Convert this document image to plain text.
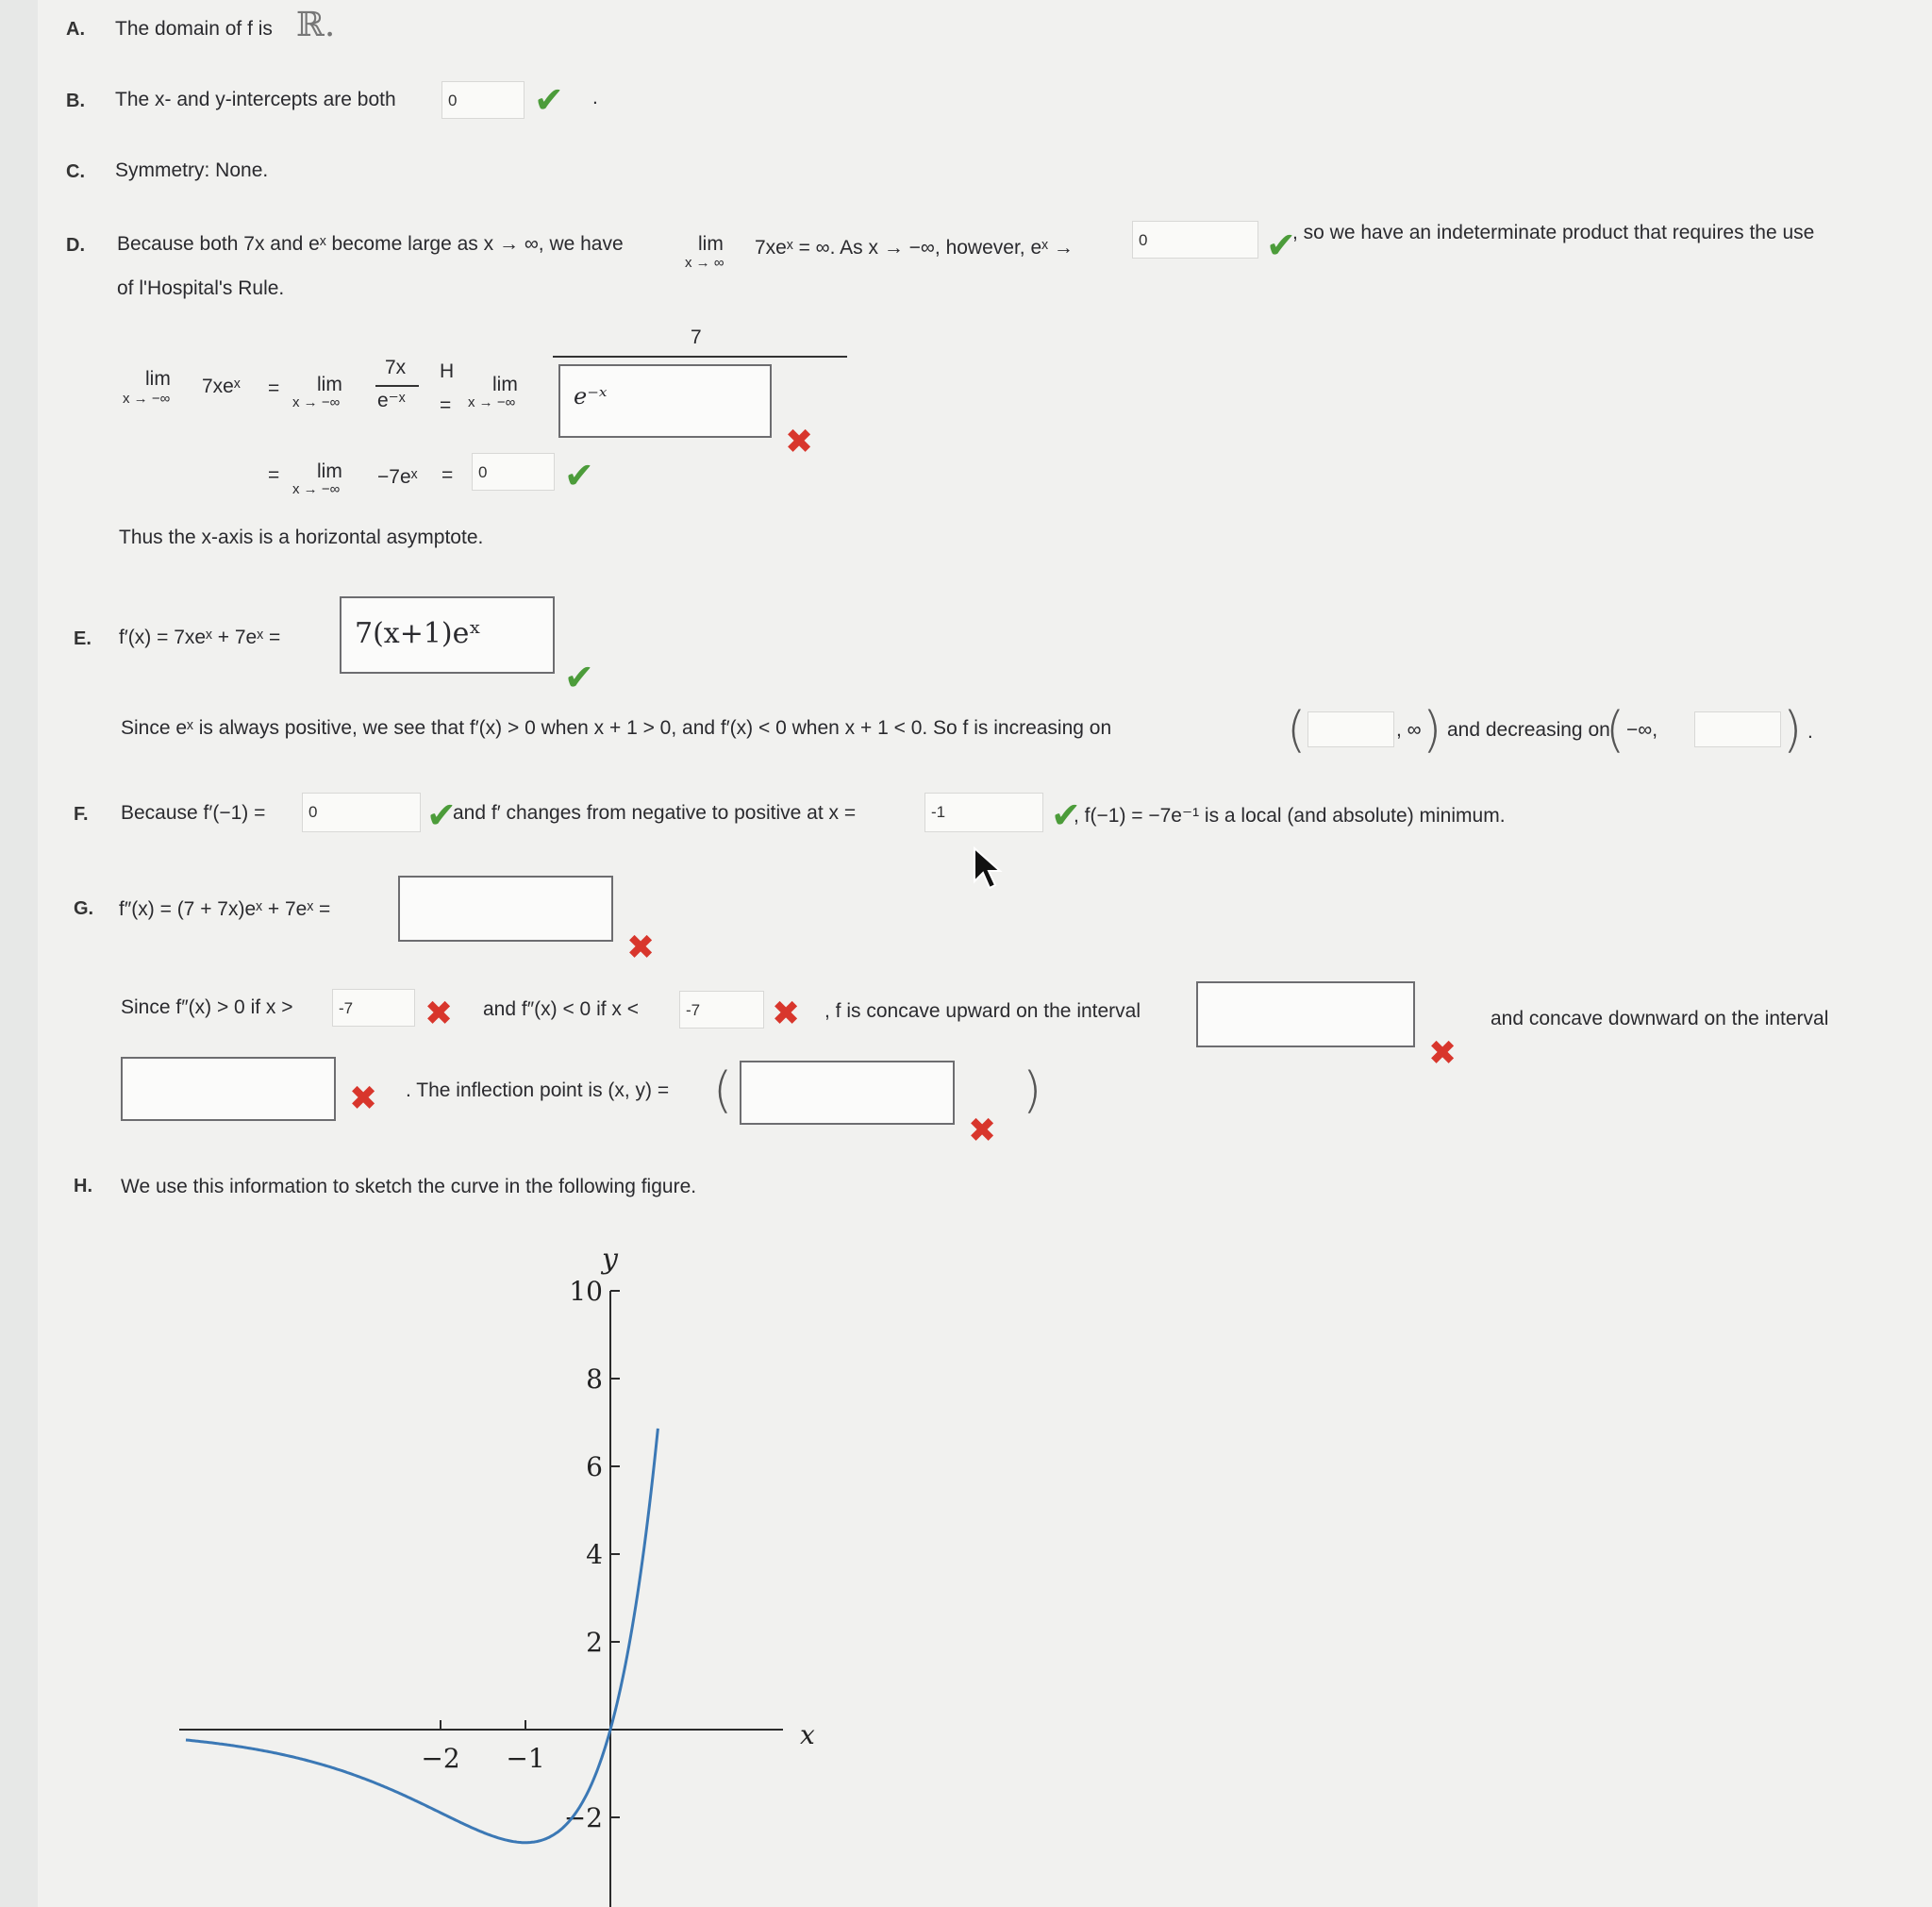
A. The domain of f is ℝ.
B. The x- and y-intercepts are both	0	✔ .
C. Symmetry: None.
D. Because both 7x and eˣ become large as x → ∞, we have	lim
x → ∞
7xeˣ = ∞. As x → −∞, however, eˣ →	0	✔
, so we have an indeterminate product that requires the use
of l'Hospital's Rule.
lim
x → −∞
7xeˣ = lim
x → −∞
7x
e⁻ˣ
H
=
lim
x → −∞
7
e⁻ˣ
✖
= lim
x → −∞
−7eˣ =	0	✔
Thus the x-axis is a horizontal asymptote.
E. f′(x) = 7xeˣ + 7eˣ =	7(x+1)eˣ
✔
Since eˣ is always positive, we see that f′(x) > 0 when x + 1 > 0, and f′(x) < 0 when x + 1 < 0. So f is increasing on	(	, ∞ ) and decreasing on
( −∞,	) .
F. Because f′(−1) =	0	✔
and f′ changes from negative to positive at x =	-1	✔
, f(−1) = −7e⁻¹ is a local (and absolute) minimum.
G. f″(x) = (7 + 7x)eˣ + 7eˣ =
✖
Since f″(x) > 0 if x >	-7	✖ and f″(x) < 0 if x <	-7	✖ , f is concave upward on the interval
✖
and concave downward on the interval
✖ . The inflection point is (x, y) = (
✖
)
H. We use this information to sketch the curve in the following figure.
y
x
10
8
6
4
2
−2
−2 −1
